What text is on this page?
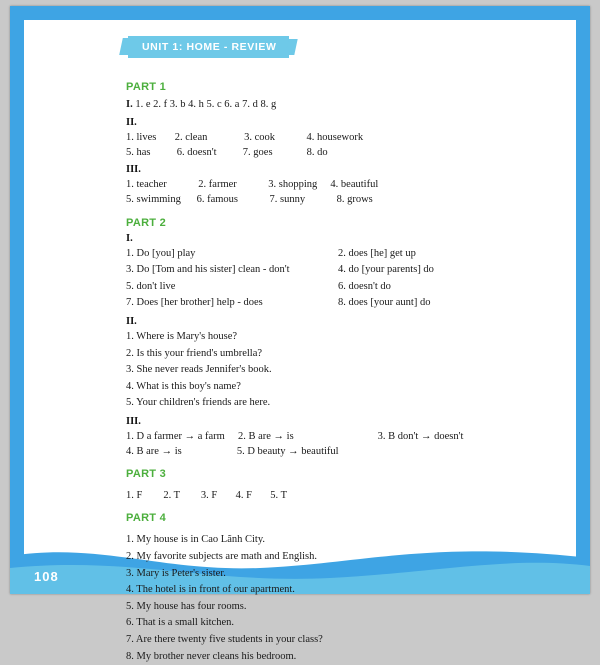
108
UNIT 1: HOME - REVIEW
PART 1
I. 1. e 2. f 3. b 4. h 5. c 6. a 7. d 8. g
II.
1. lives       2. clean              3. cook            4. housework
5. has          6. doesn't          7. goes             8. do
III.
1. teacher            2. farmer            3. shopping     4. beautiful
5. swimming      6. famous            7. sunny            8. grows
PART 2
I.
1. Do [you] play
3. Do [Tom and his sister] clean - don't
5. don't live
7. Does [her brother] help - does
2. does [he] get up
4. do [your parents] do
6. doesn't do
8. does [your aunt] do
II.
1. Where is Mary's house?
2. Is this your friend's umbrella?
3. She never reads Jennifer's book.
4. What is this boy's name?
5. Your children's friends are here.
III.
1. D a farmer → a farm     2. B are → is                                3. B don't → doesn't
4. B are → is                     5. D beauty → beautiful
PART 3
1. F        2. T        3. F       4. F       5. T
PART 4
1. My house is in Cao Lãnh City.
2. My favorite subjects are math and English.
3. Mary is Peter's sister.
4. The hotel is in front of our apartment.
5. My house has four rooms.
6. That is a small kitchen.
7. Are there twenty five students in your class?
8. My brother never cleans his bedroom.
